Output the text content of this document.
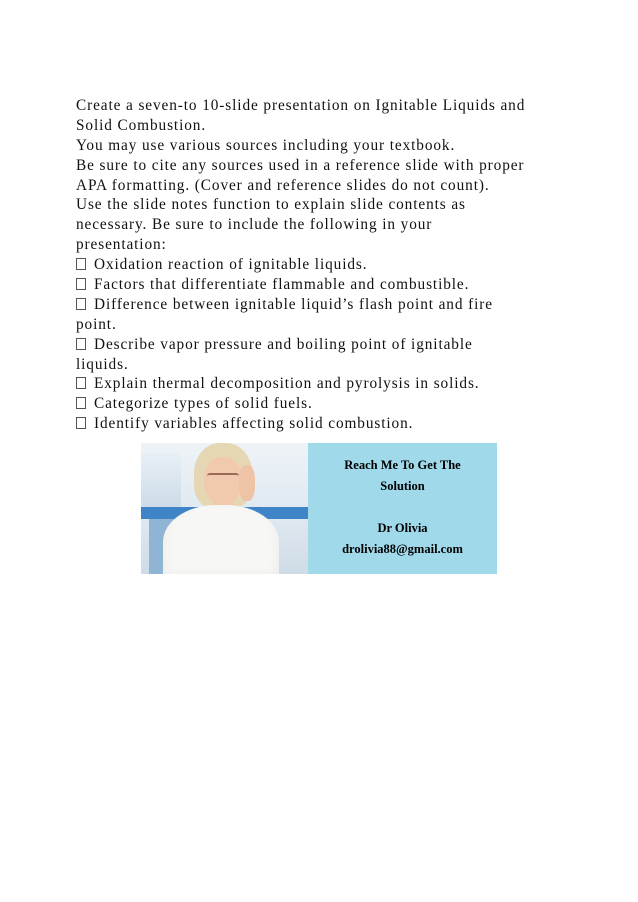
Create a seven-to 10-slide presentation on Ignitable Liquids and
Solid Combustion.
You may use various sources including your textbook.
Be sure to cite any sources used in a reference slide with proper
APA formatting. (Cover and reference slides do not count).
Use the slide notes function to explain slide contents as
necessary. Be sure to include the following in your
presentation:
Oxidation reaction of ignitable liquids.
Factors that differentiate flammable and combustible.
Difference between ignitable liquid’s flash point and fire
point.
Describe vapor pressure and boiling point of ignitable
liquids.
Explain thermal decomposition and pyrolysis in solids.
Categorize types of solid fuels.
Identify variables affecting solid combustion.
Reach Me To Get The
Solution
Dr Olivia
drolivia88@gmail.com
